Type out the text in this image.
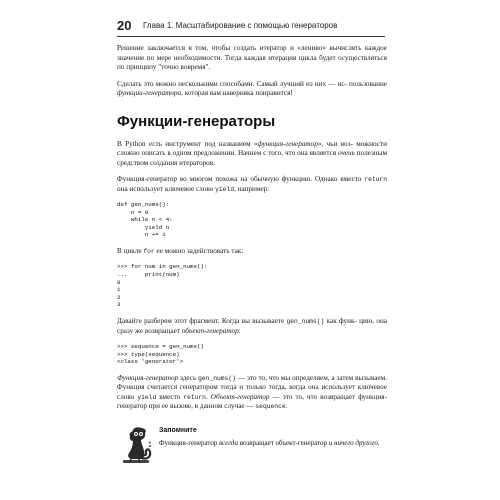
20 Глава 1. Масштабирование с помощью генераторов

Решение заключается в том, чтобы создать итератор и «лениво» вычислять каждое значение по мере необходимости. Тогда каждая итерация цикла будет осуществляться по принципу "точно вовремя".

Сделать это можно несколькими способами. Самый лучший из них — ис- пользование функции-генератора, которая вам наверняка понравится!

Функции-генераторы

В Python есть инструмент под названием «функция-генератор», чьи воз- можности сложно описать в одном предложении. Начнем с того, что она является очень полезным средством создания итераторов.

Функция-генератор во многом похожа на обычную функцию. Однако вместо return она использует ключевое слово yield, например:

def gen_nums():
n = 0
while n < 4:
yield n
n += 1

В цикле for ее можно задействовать так:

>>> for num in gen_nums():
...     print(num)
0
1
2
3

Давайте разберем этот фрагмент. Когда вы вызываете gen_nums() как функ- цию, она сразу же возвращает объект-генератор:

>>> sequence = gen_nums()
>>> type(sequence)
<class 'generator'>

Функция-генератор здесь gen_nums() — это то, что мы определяем, а затем вызываем. Функция считается генератором тогда и только тогда, когда она использует ключевое слово yield вместо return. Объект-генератор — это то, что возвращает функция-генератор при ее вызове, в данном случае — sequence.

Запомните

Функция-генератор всегда возвращает объект-генератор и ничего другого.
